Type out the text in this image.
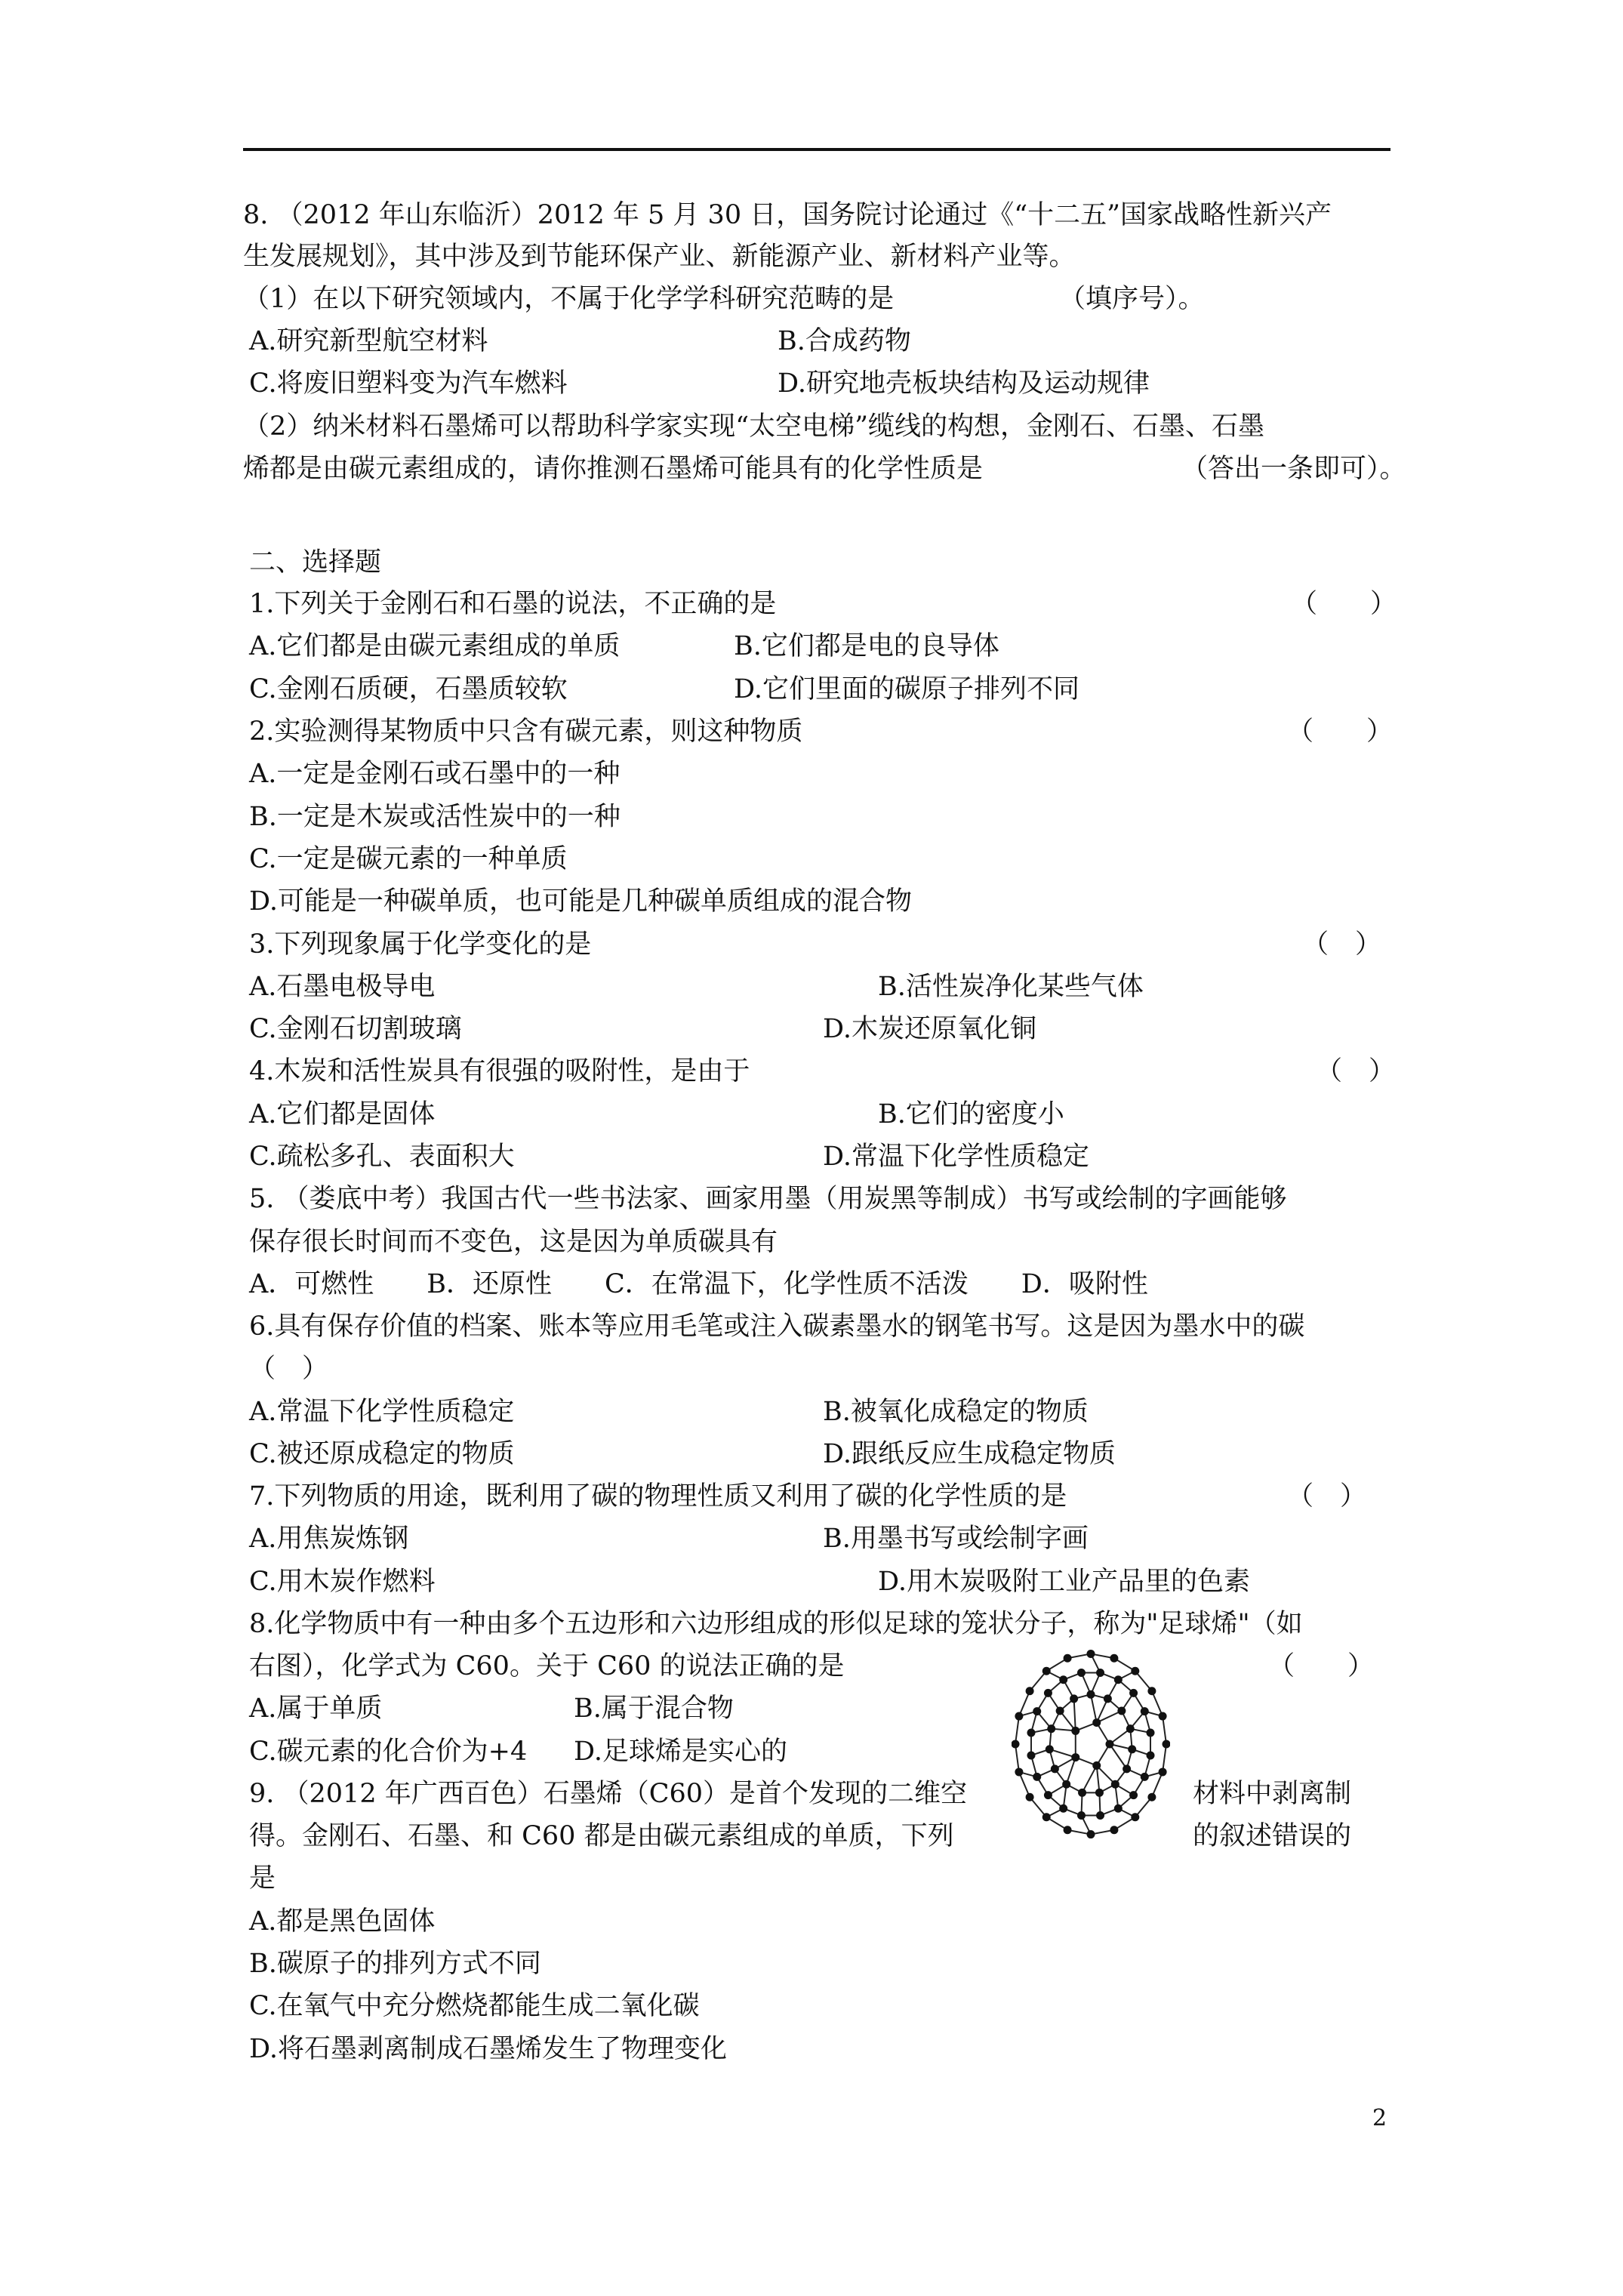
8. （2012 年山东临沂）2012 年 5 月 30 日，国务院讨论通过《“十二五”国家战略性新兴产
生发展规划》，其中涉及到节能环保产业、新能源产业、新材料产业等。
（1）在以下研究领域内，不属于化学学科研究范畴的是	（填序号）。
A.研究新型航空材料	B.合成药物
C.将废旧塑料变为汽车燃料	D.研究地壳板块结构及运动规律
（2）纳米材料石墨烯可以帮助科学家实现“太空电梯”缆线的构想，金刚石、石墨、石墨
烯都是由碳元素组成的，请你推测石墨烯可能具有的化学性质是	（答出一条即可）。
二、选择题
1.下列关于金刚石和石墨的说法，不正确的是	（　　）
A.它们都是由碳元素组成的单质	B.它们都是电的良导体
C.金刚石质硬，石墨质较软	D.它们里面的碳原子排列不同
2.实验测得某物质中只含有碳元素，则这种物质	（　　）
A.一定是金刚石或石墨中的一种
B.一定是木炭或活性炭中的一种
C.一定是碳元素的一种单质
D.可能是一种碳单质，也可能是几种碳单质组成的混合物
3.下列现象属于化学变化的是	（　）
A.石墨电极导电	B.活性炭净化某些气体
C.金刚石切割玻璃	D.木炭还原氧化铜
4.木炭和活性炭具有很强的吸附性，是由于	（　）
A.它们都是固体	B.它们的密度小
C.疏松多孔、表面积大	D.常温下化学性质稳定
5. （娄底中考）我国古代一些书法家、画家用墨（用炭黑等制成）书写或绘制的字画能够
保存很长时间而不变色，这是因为单质碳具有
A．可燃性　　B．还原性　　C．在常温下，化学性质不活泼　　D．吸附性
6.具有保存价值的档案、账本等应用毛笔或注入碳素墨水的钢笔书写。这是因为墨水中的碳
（　）
A.常温下化学性质稳定	B.被氧化成稳定的物质
C.被还原成稳定的物质	D.跟纸反应生成稳定物质
7.下列物质的用途，既利用了碳的物理性质又利用了碳的化学性质的是	（　）
A.用焦炭炼钢	B.用墨书写或绘制字画
C.用木炭作燃料	D.用木炭吸附工业产品里的色素
8.化学物质中有一种由多个五边形和六边形组成的形似足球的笼状分子，称为"足球烯"（如
右图），化学式为 C60。关于 C60 的说法正确的是	（　　）
A.属于单质	B.属于混合物
C.碳元素的化合价为+4 D.足球烯是实心的
9. （2012 年广西百色）石墨烯（C60）是首个发现的二维空	材料中剥离制
得。金刚石、石墨、和 C60 都是由碳元素组成的单质，下列	的叙述错误的
是
A.都是黑色固体
B.碳原子的排列方式不同
C.在氧气中充分燃烧都能生成二氧化碳
D.将石墨剥离制成石墨烯发生了物理变化
2
